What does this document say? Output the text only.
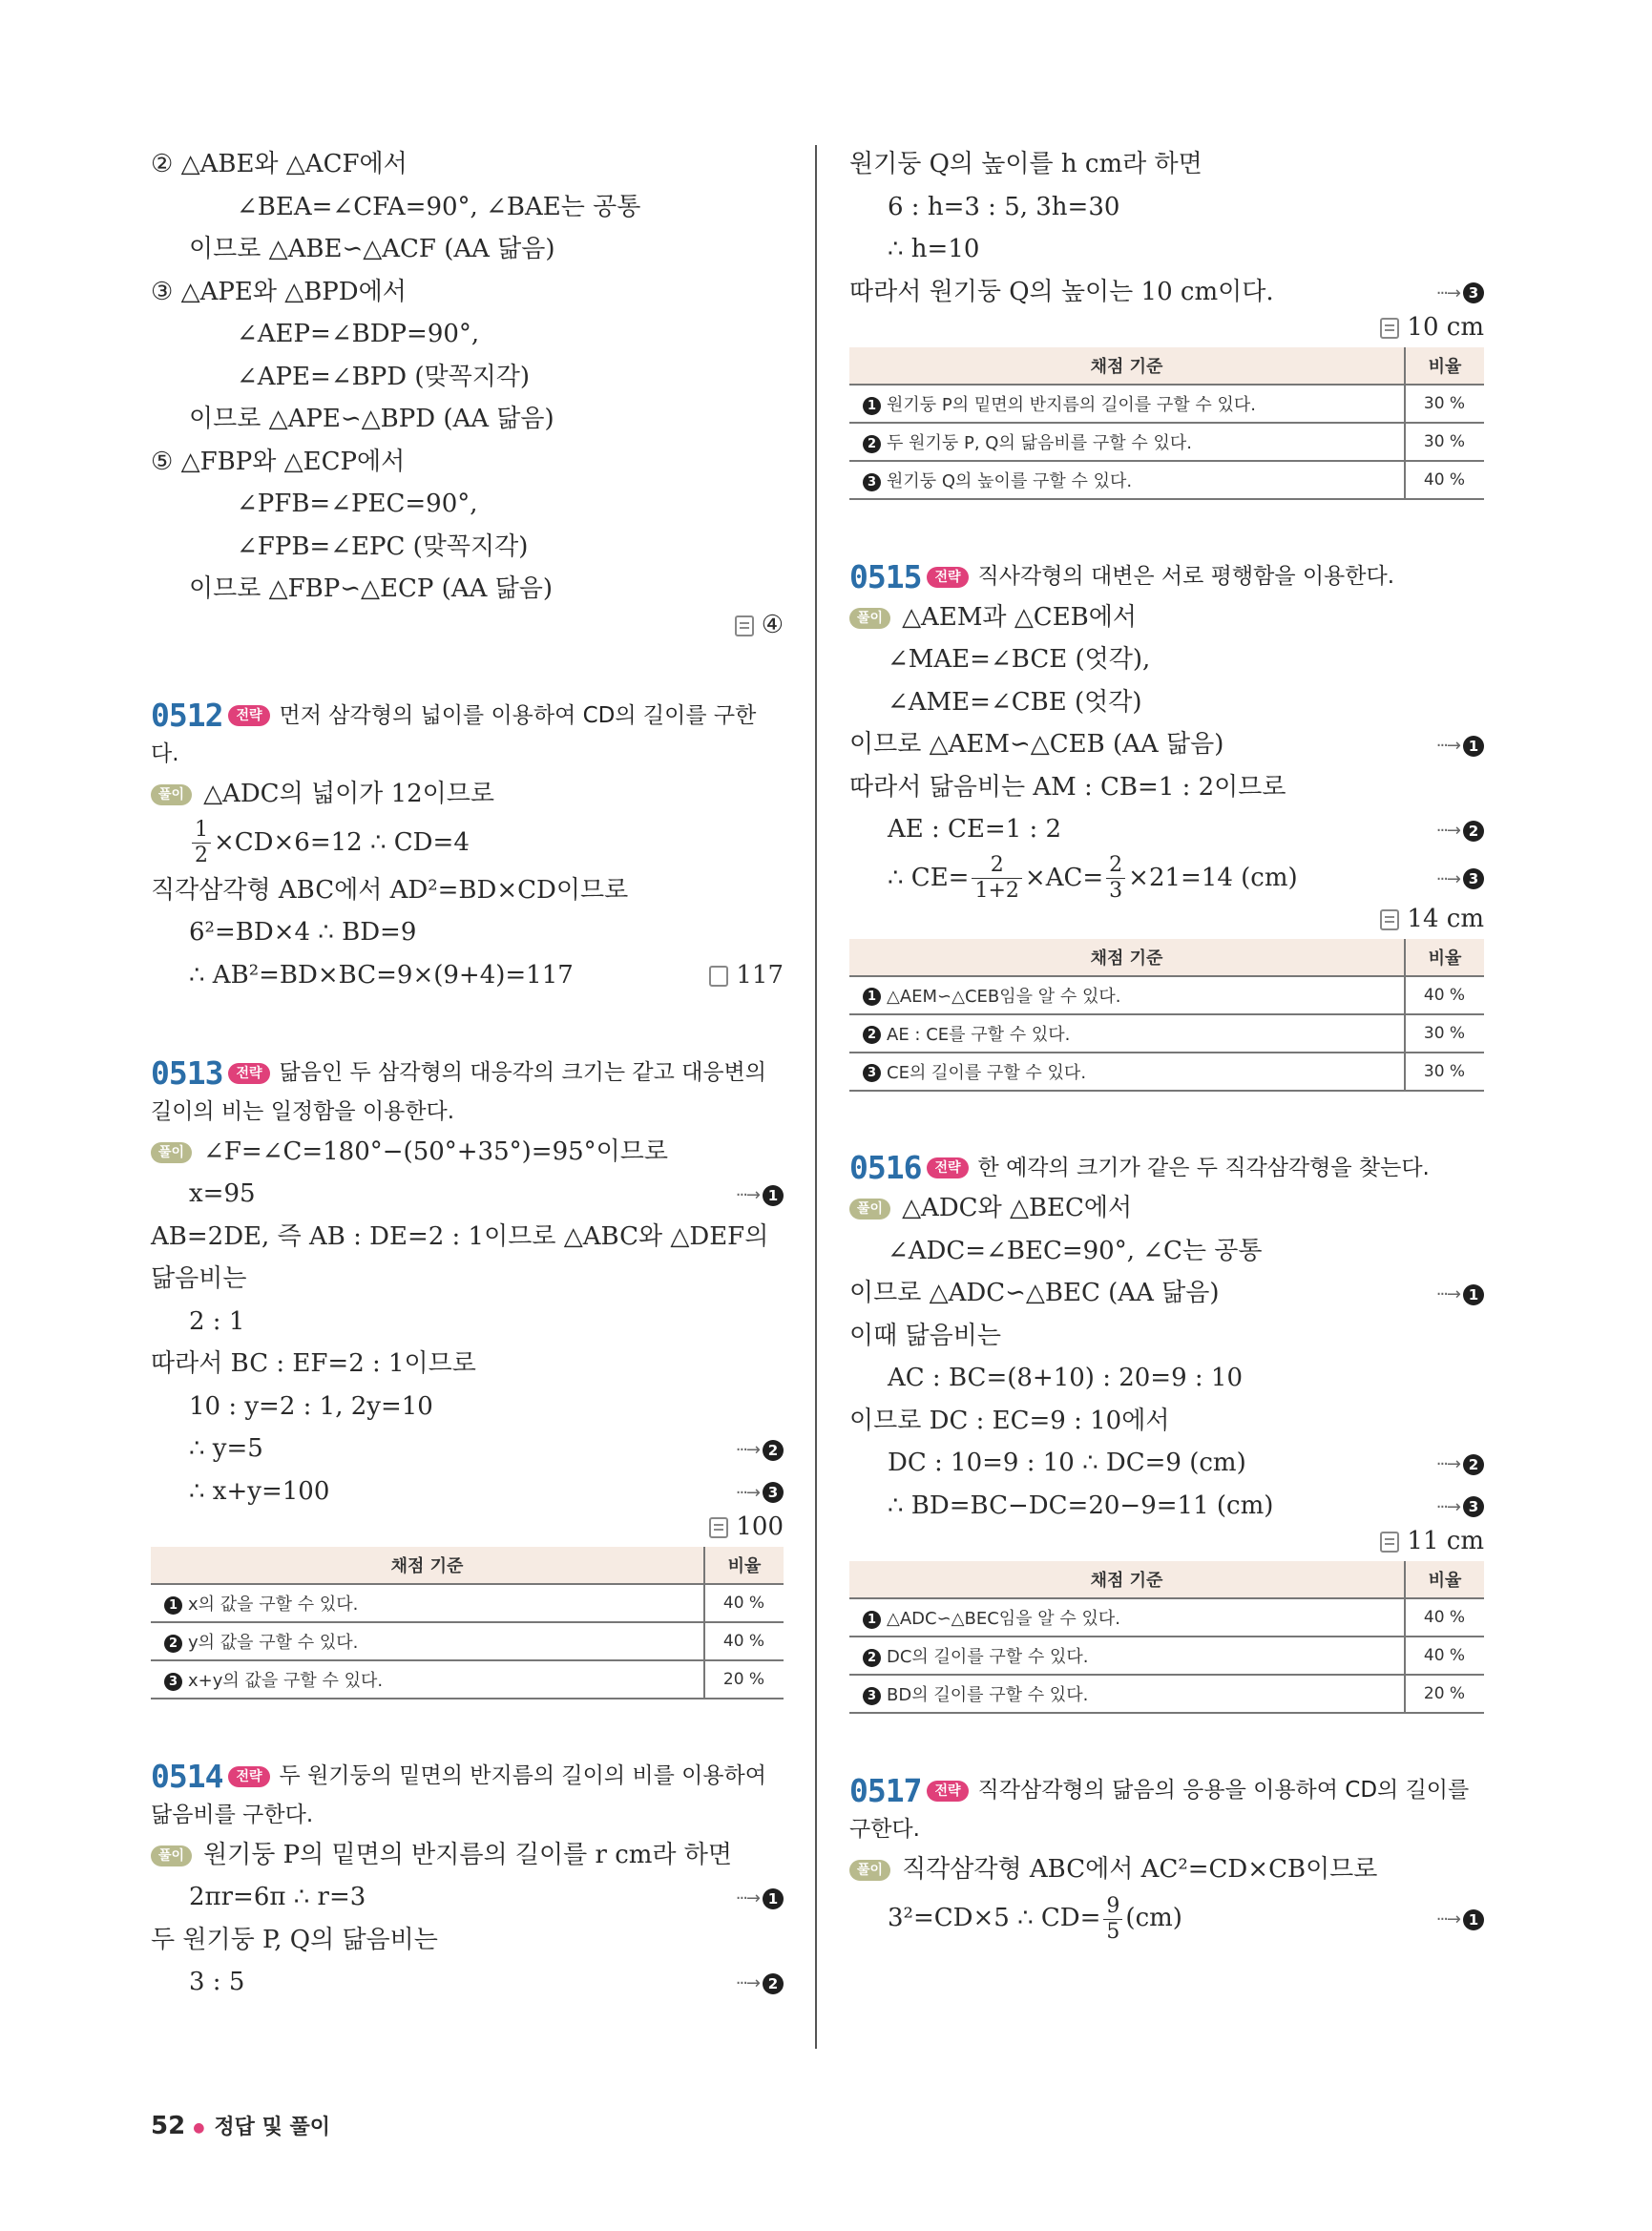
② △ABE와 △ACF에서
∠BEA=∠CFA=90°, ∠BAE는 공통
이므로 △ABE∽△ACF (AA 닮음)
③ △APE와 △BPD에서
∠AEP=∠BDP=90°,
∠APE=∠BPD (맞꼭지각)
이므로 △APE∽△BPD (AA 닮음)
⑤ △FBP와 △ECP에서
∠PFB=∠PEC=90°,
∠FPB=∠EPC (맞꼭지각)
이므로 △FBP∽△ECP (AA 닮음)
④
0512 전략 먼저 삼각형의 넓이를 이용하여 CD의 길이를 구한다.
풀이 △ADC의 넓이가 12이므로
$\frac{1}{2} \times CD\times 6=12$ ∴ CD=4
직각삼각형 ABC에서 AD²=BD×CD이므로
6²=BD×4 ∴ BD=9
∴ AB²=BD×BC=9×(9+4)=117	117
0513 전략 닮음인 두 삼각형의 대응각의 크기는 같고 대응변의 길이의 비는 일정함을 이용한다.
풀이 ∠F=∠C=180°−(50°+35°)=95°이므로
x=95	···→ 1
AB=2DE, 즉 AB : DE=2 : 1이므로 △ABC와 △DEF의
닮음비는
2 : 1
따라서 BC : EF=2 : 1이므로
10 : y=2 : 1, 2y=10
∴ y=5	···→ 2
∴ x+y=100	···→ 3
100
채점 기준	비율
1 x의 값을 구할 수 있다.	40 %
2 y의 값을 구할 수 있다.	40 %
3 x+y의 값을 구할 수 있다.	20 %
0514 전략 두 원기둥의 밑면의 반지름의 길이의 비를 이용하여 닮음비를 구한다.
풀이 원기둥 P의 밑면의 반지름의 길이를 r cm라 하면
2πr=6π ∴ r=3	···→ 1
두 원기둥 P, Q의 닮음비는
3 : 5	···→ 2
원기둥 Q의 높이를 h cm라 하면
6 : h=3 : 5, 3h=30
∴ h=10
따라서 원기둥 Q의 높이는 10 cm이다.	···→ 3
10 cm
채점 기준	비율
1 원기둥 P의 밑면의 반지름의 길이를 구할 수 있다.	30 %
2 두 원기둥 P, Q의 닮음비를 구할 수 있다.	30 %
3 원기둥 Q의 높이를 구할 수 있다.	40 %
0515 전략 직사각형의 대변은 서로 평행함을 이용한다.
풀이 △AEM과 △CEB에서
∠MAE=∠BCE (엇각),
∠AME=∠CBE (엇각)
이므로 △AEM∽△CEB (AA 닮음)	···→ 1
따라서 닮음비는 AM : CB=1 : 2이므로
AE : CE=1 : 2	···→ 2
∴ $CE= \frac{2}{1+2} \times AC= \frac{2}{3} \times 21=14$ (cm)	···→ 3
14 cm
채점 기준	비율
1 △AEM∽△CEB임을 알 수 있다.	40 %
2 AE : CE를 구할 수 있다.	30 %
3 CE의 길이를 구할 수 있다.	30 %
0516 전략 한 예각의 크기가 같은 두 직각삼각형을 찾는다.
풀이 △ADC와 △BEC에서
∠ADC=∠BEC=90°, ∠C는 공통
이므로 △ADC∽△BEC (AA 닮음)	···→ 1
이때 닮음비는
AC : BC=(8+10) : 20=9 : 10
이므로 DC : EC=9 : 10에서
DC : 10=9 : 10 ∴ DC=9 (cm)	···→ 2
∴ BD=BC−DC=20−9=11 (cm)	···→ 3
11 cm
채점 기준	비율
1 △ADC∽△BEC임을 알 수 있다.	40 %
2 DC의 길이를 구할 수 있다.	40 %
3 BD의 길이를 구할 수 있다.	20 %
0517 전략 직각삼각형의 닮음의 응용을 이용하여 CD의 길이를 구한다.
풀이 직각삼각형 ABC에서 AC²=CD×CB이므로
3²=CD×5 ∴ $CD= \frac{9}{5} (cm)$	···→ 1
52 ● 정답 및 풀이
